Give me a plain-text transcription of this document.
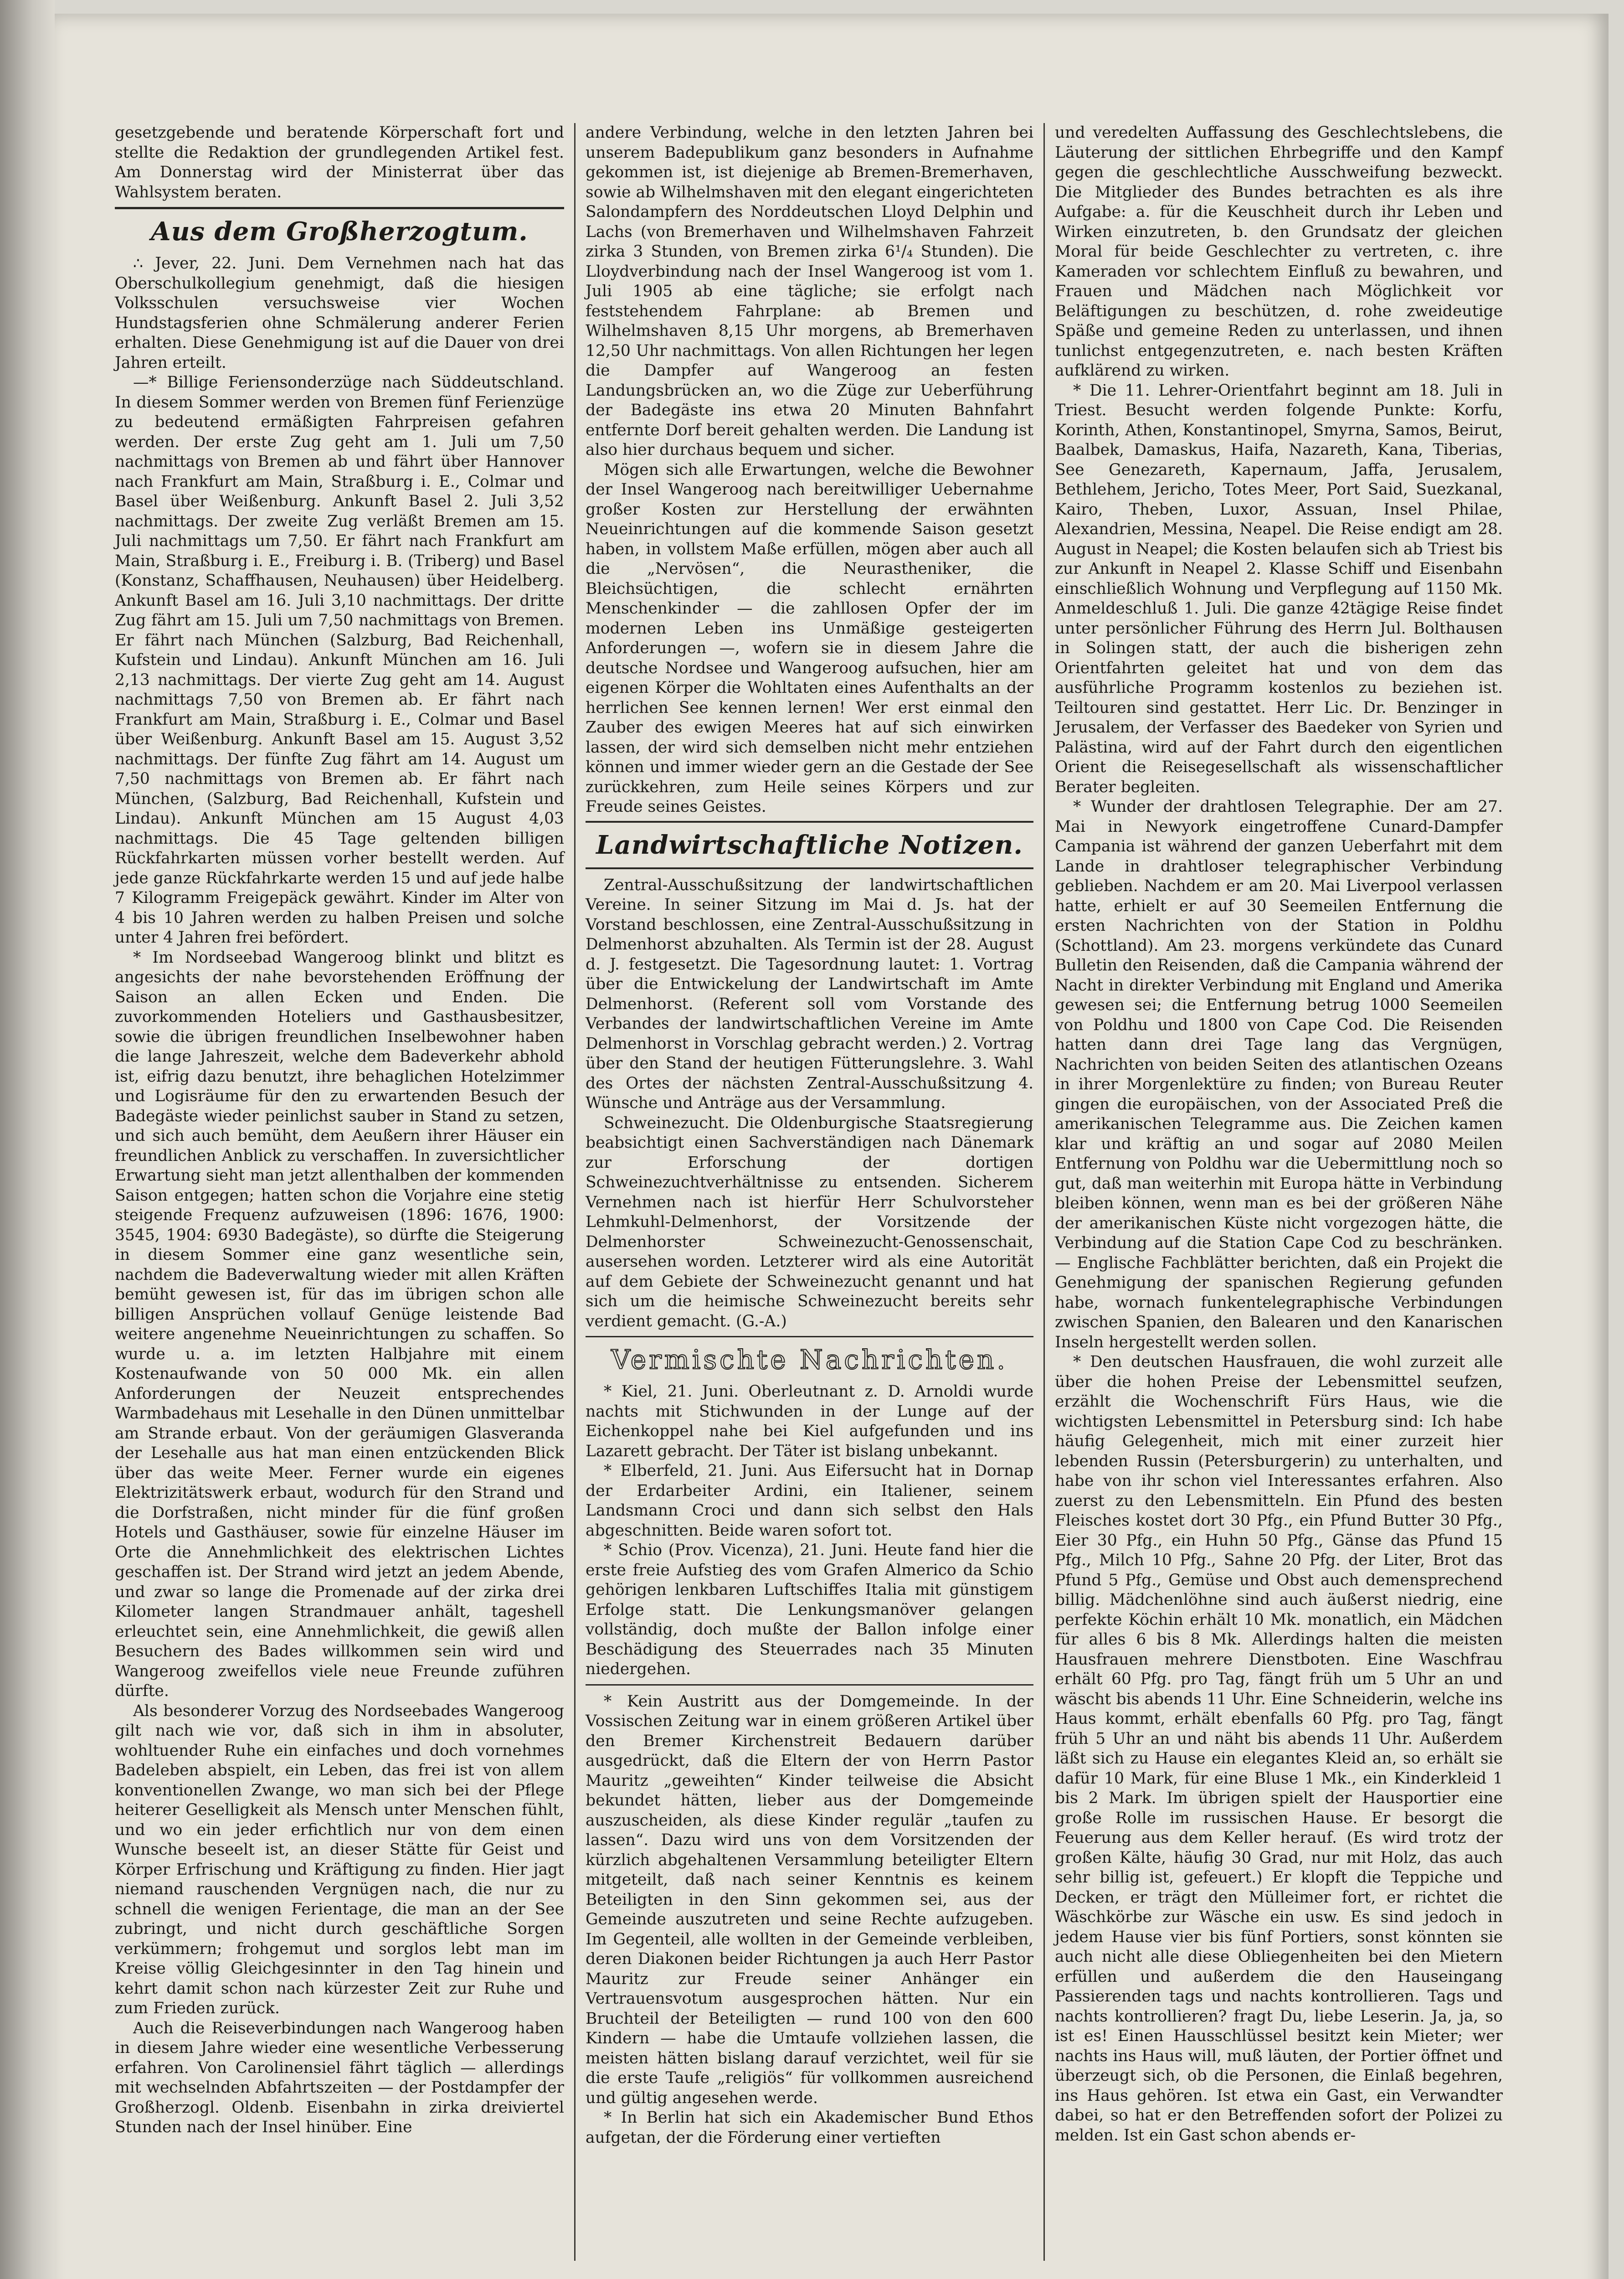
gesetzgebende und beratende Körperschaft fort und stellte die Redaktion der grundlegenden Artikel fest. Am Donnerstag wird der Ministerrat über das Wahlsystem beraten.

Aus dem Großherzogtum.

∴ Jever, 22. Juni. Dem Vernehmen nach hat das Oberschulkollegium genehmigt, daß die hiesigen Volksschulen versuchsweise vier Wochen Hundstagsferien ohne Schmälerung anderer Ferien erhalten. Diese Genehmigung ist auf die Dauer von drei Jahren erteilt.

—* Billige Feriensonderzüge nach Süddeutschland. In diesem Sommer werden von Bremen fünf Ferienzüge zu bedeutend ermäßigten Fahrpreisen gefahren werden. Der erste Zug geht am 1. Juli um 7,50 nachmittags von Bremen ab und fährt über Hannover nach Frankfurt am Main, Straßburg i. E., Colmar und Basel über Weißenburg. Ankunft Basel 2. Juli 3,52 nachmittags. Der zweite Zug verläßt Bremen am 15. Juli nachmittags um 7,50. Er fährt nach Frankfurt am Main, Straßburg i. E., Freiburg i. B. (Triberg) und Basel (Konstanz, Schaffhausen, Neuhausen) über Heidelberg. Ankunft Basel am 16. Juli 3,10 nachmittags. Der dritte Zug fährt am 15. Juli um 7,50 nachmittags von Bremen. Er fährt nach München (Salzburg, Bad Reichenhall, Kufstein und Lindau). Ankunft München am 16. Juli 2,13 nachmittags. Der vierte Zug geht am 14. August nachmittags 7,50 von Bremen ab. Er fährt nach Frankfurt am Main, Straßburg i. E., Colmar und Basel über Weißenburg. Ankunft Basel am 15. August 3,52 nachmittags. Der fünfte Zug fährt am 14. August um 7,50 nachmittags von Bremen ab. Er fährt nach München, (Salzburg, Bad Reichenhall, Kufstein und Lindau). Ankunft München am 15 August 4,03 nachmittags. Die 45 Tage geltenden billigen Rückfahrkarten müssen vorher bestellt werden. Auf jede ganze Rückfahrkarte werden 15 und auf jede halbe 7 Kilogramm Freigepäck gewährt. Kinder im Alter von 4 bis 10 Jahren werden zu halben Preisen und solche unter 4 Jahren frei befördert.

* Im Nordseebad Wangeroog blinkt und blitzt es angesichts der nahe bevorstehenden Eröffnung der Saison an allen Ecken und Enden. Die zuvorkommenden Hoteliers und Gasthausbesitzer, sowie die übrigen freundlichen Inselbewohner haben die lange Jahreszeit, welche dem Badeverkehr abhold ist, eifrig dazu benutzt, ihre behaglichen Hotelzimmer und Logisräume für den zu erwartenden Besuch der Badegäste wieder peinlichst sauber in Stand zu setzen, und sich auch bemüht, dem Aeußern ihrer Häuser ein freundlichen Anblick zu verschaffen. In zuversichtlicher Erwartung sieht man jetzt allenthalben der kommenden Saison entgegen; hatten schon die Vorjahre eine stetig steigende Frequenz aufzuweisen (1896: 1676, 1900: 3545, 1904: 6930 Badegäste), so dürfte die Steigerung in diesem Sommer eine ganz wesentliche sein, nachdem die Badeverwaltung wieder mit allen Kräften bemüht gewesen ist, für das im übrigen schon alle billigen Ansprüchen vollauf Genüge leistende Bad weitere angenehme Neueinrichtungen zu schaffen. So wurde u. a. im letzten Halbjahre mit einem Kostenaufwande von 50 000 Mk. ein allen Anforderungen der Neuzeit entsprechendes Warmbadehaus mit Lesehalle in den Dünen unmittelbar am Strande erbaut. Von der geräumigen Glasveranda der Lesehalle aus hat man einen entzückenden Blick über das weite Meer. Ferner wurde ein eigenes Elektrizitätswerk erbaut, wodurch für den Strand und die Dorfstraßen, nicht minder für die fünf großen Hotels und Gasthäuser, sowie für einzelne Häuser im Orte die Annehmlichkeit des elektrischen Lichtes geschaffen ist. Der Strand wird jetzt an jedem Abende, und zwar so lange die Promenade auf der zirka drei Kilometer langen Strandmauer anhält, tageshell erleuchtet sein, eine Annehmlichkeit, die gewiß allen Besuchern des Bades willkommen sein wird und Wangeroog zweifellos viele neue Freunde zuführen dürfte.

Als besonderer Vorzug des Nordseebades Wangeroog gilt nach wie vor, daß sich in ihm in absoluter, wohltuender Ruhe ein einfaches und doch vornehmes Badeleben abspielt, ein Leben, das frei ist von allem konventionellen Zwange, wo man sich bei der Pflege heiterer Geselligkeit als Mensch unter Menschen fühlt, und wo ein jeder erfichtlich nur von dem einen Wunsche beseelt ist, an dieser Stätte für Geist und Körper Erfrischung und Kräftigung zu finden. Hier jagt niemand rauschenden Vergnügen nach, die nur zu schnell die wenigen Ferientage, die man an der See zubringt, und nicht durch geschäftliche Sorgen verkümmern; frohgemut und sorglos lebt man im Kreise völlig Gleichgesinnter in den Tag hinein und kehrt damit schon nach kürzester Zeit zur Ruhe und zum Frieden zurück.

Auch die Reiseverbindungen nach Wangeroog haben in diesem Jahre wieder eine wesentliche Verbesserung erfahren. Von Carolinensiel fährt täglich — allerdings mit wechselnden Abfahrtszeiten — der Postdampfer der Großherzogl. Oldenb. Eisenbahn in zirka dreiviertel Stunden nach der Insel hinüber. Eine

andere Verbindung, welche in den letzten Jahren bei unserem Badepublikum ganz besonders in Aufnahme gekommen ist, ist diejenige ab Bremen-Bremerhaven, sowie ab Wilhelmshaven mit den elegant eingerichteten Salondampfern des Norddeutschen Lloyd Delphin und Lachs (von Bremerhaven und Wilhelmshaven Fahrzeit zirka 3 Stunden, von Bremen zirka 6¹/₄ Stunden). Die Lloydverbindung nach der Insel Wangeroog ist vom 1. Juli 1905 ab eine tägliche; sie erfolgt nach feststehendem Fahrplane: ab Bremen und Wilhelmshaven 8,15 Uhr morgens, ab Bremerhaven 12,50 Uhr nachmittags. Von allen Richtungen her legen die Dampfer auf Wangeroog an festen Landungsbrücken an, wo die Züge zur Ueberführung der Badegäste ins etwa 20 Minuten Bahnfahrt entfernte Dorf bereit gehalten werden. Die Landung ist also hier durchaus bequem und sicher.

Mögen sich alle Erwartungen, welche die Bewohner der Insel Wangeroog nach bereitwilliger Uebernahme großer Kosten zur Herstellung der erwähnten Neueinrichtungen auf die kommende Saison gesetzt haben, in vollstem Maße erfüllen, mögen aber auch all die „Nervösen“, die Neurastheniker, die Bleichsüchtigen, die schlecht ernährten Menschenkinder — die zahllosen Opfer der im modernen Leben ins Unmäßige gesteigerten Anforderungen —, wofern sie in diesem Jahre die deutsche Nordsee und Wangeroog aufsuchen, hier am eigenen Körper die Wohltaten eines Aufenthalts an der herrlichen See kennen lernen! Wer erst einmal den Zauber des ewigen Meeres hat auf sich einwirken lassen, der wird sich demselben nicht mehr entziehen können und immer wieder gern an die Gestade der See zurückkehren, zum Heile seines Körpers und zur Freude seines Geistes.

Landwirtschaftliche Notizen.

Zentral-Ausschußsitzung der landwirtschaftlichen Vereine. In seiner Sitzung im Mai d. Js. hat der Vorstand beschlossen, eine Zentral-Ausschußsitzung in Delmenhorst abzuhalten. Als Termin ist der 28. August d. J. festgesetzt. Die Tagesordnung lautet: 1. Vortrag über die Entwickelung der Landwirtschaft im Amte Delmenhorst. (Referent soll vom Vorstande des Verbandes der landwirtschaftlichen Vereine im Amte Delmenhorst in Vorschlag gebracht werden.) 2. Vortrag über den Stand der heutigen Fütterungslehre. 3. Wahl des Ortes der nächsten Zentral-Ausschußsitzung 4. Wünsche und Anträge aus der Versammlung.

Schweinezucht. Die Oldenburgische Staatsregierung beabsichtigt einen Sachverständigen nach Dänemark zur Erforschung der dortigen Schweinezuchtverhältnisse zu entsenden. Sicherem Vernehmen nach ist hierfür Herr Schulvorsteher Lehmkuhl-Delmenhorst, der Vorsitzende der Delmenhorster Schweinezucht-Genossenschait, ausersehen worden. Letzterer wird als eine Autorität auf dem Gebiete der Schweinezucht genannt und hat sich um die heimische Schweinezucht bereits sehr verdient gemacht. (G.-A.)

Vermischte Nachrichten.

* Kiel, 21. Juni. Oberleutnant z. D. Arnoldi wurde nachts mit Stichwunden in der Lunge auf der Eichenkoppel nahe bei Kiel aufgefunden und ins Lazarett gebracht. Der Täter ist bislang unbekannt.

* Elberfeld, 21. Juni. Aus Eifersucht hat in Dornap der Erdarbeiter Ardini, ein Italiener, seinem Landsmann Croci und dann sich selbst den Hals abgeschnitten. Beide waren sofort tot.

* Schio (Prov. Vicenza), 21. Juni. Heute fand hier die erste freie Aufstieg des vom Grafen Almerico da Schio gehörigen lenkbaren Luftschiffes Italia mit günstigem Erfolge statt. Die Lenkungsmanöver gelangen vollständig, doch mußte der Ballon infolge einer Beschädigung des Steuerrades nach 35 Minuten niedergehen.

* Kein Austritt aus der Domgemeinde. In der Vossischen Zeitung war in einem größeren Artikel über den Bremer Kirchenstreit Bedauern darüber ausgedrückt, daß die Eltern der von Herrn Pastor Mauritz „geweihten“ Kinder teilweise die Absicht bekundet hätten, lieber aus der Domgemeinde auszuscheiden, als diese Kinder regulär „taufen zu lassen“. Dazu wird uns von dem Vorsitzenden der kürzlich abgehaltenen Versammlung beteiligter Eltern mitgeteilt, daß nach seiner Kenntnis es keinem Beteiligten in den Sinn gekommen sei, aus der Gemeinde auszutreten und seine Rechte aufzugeben. Im Gegenteil, alle wollten in der Gemeinde verbleiben, deren Diakonen beider Richtungen ja auch Herr Pastor Mauritz zur Freude seiner Anhänger ein Vertrauensvotum ausgesprochen hätten. Nur ein Bruchteil der Beteiligten — rund 100 von den 600 Kindern — habe die Umtaufe vollziehen lassen, die meisten hätten bislang darauf verzichtet, weil für sie die erste Taufe „religiös“ für vollkommen ausreichend und gültig angesehen werde.

* In Berlin hat sich ein Akademischer Bund Ethos aufgetan, der die Förderung einer vertieften

und veredelten Auffassung des Geschlechtslebens, die Läuterung der sittlichen Ehrbegriffe und den Kampf gegen die geschlechtliche Ausschweifung bezweckt. Die Mitglieder des Bundes betrachten es als ihre Aufgabe: a. für die Keuschheit durch ihr Leben und Wirken einzutreten, b. den Grundsatz der gleichen Moral für beide Geschlechter zu vertreten, c. ihre Kameraden vor schlechtem Einfluß zu bewahren, und Frauen und Mädchen nach Möglichkeit vor Beläftigungen zu beschützen, d. rohe zweideutige Späße und gemeine Reden zu unterlassen, und ihnen tunlichst entgegenzutreten, e. nach besten Kräften aufklärend zu wirken.

* Die 11. Lehrer-Orientfahrt beginnt am 18. Juli in Triest. Besucht werden folgende Punkte: Korfu, Korinth, Athen, Konstantinopel, Smyrna, Samos, Beirut, Baalbek, Damaskus, Haifa, Nazareth, Kana, Tiberias, See Genezareth, Kapernaum, Jaffa, Jerusalem, Bethlehem, Jericho, Totes Meer, Port Said, Suezkanal, Kairo, Theben, Luxor, Assuan, Insel Philae, Alexandrien, Messina, Neapel. Die Reise endigt am 28. August in Neapel; die Kosten belaufen sich ab Triest bis zur Ankunft in Neapel 2. Klasse Schiff und Eisenbahn einschließlich Wohnung und Verpflegung auf 1150 Mk. Anmeldeschluß 1. Juli. Die ganze 42tägige Reise findet unter persönlicher Führung des Herrn Jul. Bolthausen in Solingen statt, der auch die bisherigen zehn Orientfahrten geleitet hat und von dem das ausführliche Programm kostenlos zu beziehen ist. Teiltouren sind gestattet. Herr Lic. Dr. Benzinger in Jerusalem, der Verfasser des Baedeker von Syrien und Palästina, wird auf der Fahrt durch den eigentlichen Orient die Reisegesellschaft als wissenschaftlicher Berater begleiten.

* Wunder der drahtlosen Telegraphie. Der am 27. Mai in Newyork eingetroffene Cunard-Dampfer Campania ist während der ganzen Ueberfahrt mit dem Lande in drahtloser telegraphischer Verbindung geblieben. Nachdem er am 20. Mai Liverpool verlassen hatte, erhielt er auf 30 Seemeilen Entfernung die ersten Nachrichten von der Station in Poldhu (Schottland). Am 23. morgens verkündete das Cunard Bulletin den Reisenden, daß die Campania während der Nacht in direkter Verbindung mit England und Amerika gewesen sei; die Entfernung betrug 1000 Seemeilen von Poldhu und 1800 von Cape Cod. Die Reisenden hatten dann drei Tage lang das Vergnügen, Nachrichten von beiden Seiten des atlantischen Ozeans in ihrer Morgenlektüre zu finden; von Bureau Reuter gingen die europäischen, von der Associated Preß die amerikanischen Telegramme aus. Die Zeichen kamen klar und kräftig an und sogar auf 2080 Meilen Entfernung von Poldhu war die Uebermittlung noch so gut, daß man weiterhin mit Europa hätte in Verbindung bleiben können, wenn man es bei der größeren Nähe der amerikanischen Küste nicht vorgezogen hätte, die Verbindung auf die Station Cape Cod zu beschränken. — Englische Fachblätter berichten, daß ein Projekt die Genehmigung der spanischen Regierung gefunden habe, wornach funkentelegraphische Verbindungen zwischen Spanien, den Balearen und den Kanarischen Inseln hergestellt werden sollen.

* Den deutschen Hausfrauen, die wohl zurzeit alle über die hohen Preise der Lebensmittel seufzen, erzählt die Wochenschrift Fürs Haus, wie die wichtigsten Lebensmittel in Petersburg sind: Ich habe häufig Gelegenheit, mich mit einer zurzeit hier lebenden Russin (Petersburgerin) zu unterhalten, und habe von ihr schon viel Interessantes erfahren. Also zuerst zu den Lebensmitteln. Ein Pfund des besten Fleisches kostet dort 30 Pfg., ein Pfund Butter 30 Pfg., Eier 30 Pfg., ein Huhn 50 Pfg., Gänse das Pfund 15 Pfg., Milch 10 Pfg., Sahne 20 Pfg. der Liter, Brot das Pfund 5 Pfg., Gemüse und Obst auch demensprechend billig. Mädchenlöhne sind auch äußerst niedrig, eine perfekte Köchin erhält 10 Mk. monatlich, ein Mädchen für alles 6 bis 8 Mk. Allerdings halten die meisten Hausfrauen mehrere Dienstboten. Eine Waschfrau erhält 60 Pfg. pro Tag, fängt früh um 5 Uhr an und wäscht bis abends 11 Uhr. Eine Schneiderin, welche ins Haus kommt, erhält ebenfalls 60 Pfg. pro Tag, fängt früh 5 Uhr an und näht bis abends 11 Uhr. Außerdem läßt sich zu Hause ein elegantes Kleid an, so erhält sie dafür 10 Mark, für eine Bluse 1 Mk., ein Kinderkleid 1 bis 2 Mark. Im übrigen spielt der Hausportier eine große Rolle im russischen Hause. Er besorgt die Feuerung aus dem Keller herauf. (Es wird trotz der großen Kälte, häufig 30 Grad, nur mit Holz, das auch sehr billig ist, gefeuert.) Er klopft die Teppiche und Decken, er trägt den Mülleimer fort, er richtet die Wäschkörbe zur Wäsche ein usw. Es sind jedoch in jedem Hause vier bis fünf Portiers, sonst könnten sie auch nicht alle diese Obliegenheiten bei den Mietern erfüllen und außerdem die den Hauseingang Passierenden tags und nachts kontrollieren. Tags und nachts kontrollieren? fragt Du, liebe Leserin. Ja, ja, so ist es! Einen Hausschlüssel besitzt kein Mieter; wer nachts ins Haus will, muß läuten, der Portier öffnet und überzeugt sich, ob die Personen, die Einlaß begehren, ins Haus gehören. Ist etwa ein Gast, ein Verwandter dabei, so hat er den Betreffenden sofort der Polizei zu melden. Ist ein Gast schon abends er-
